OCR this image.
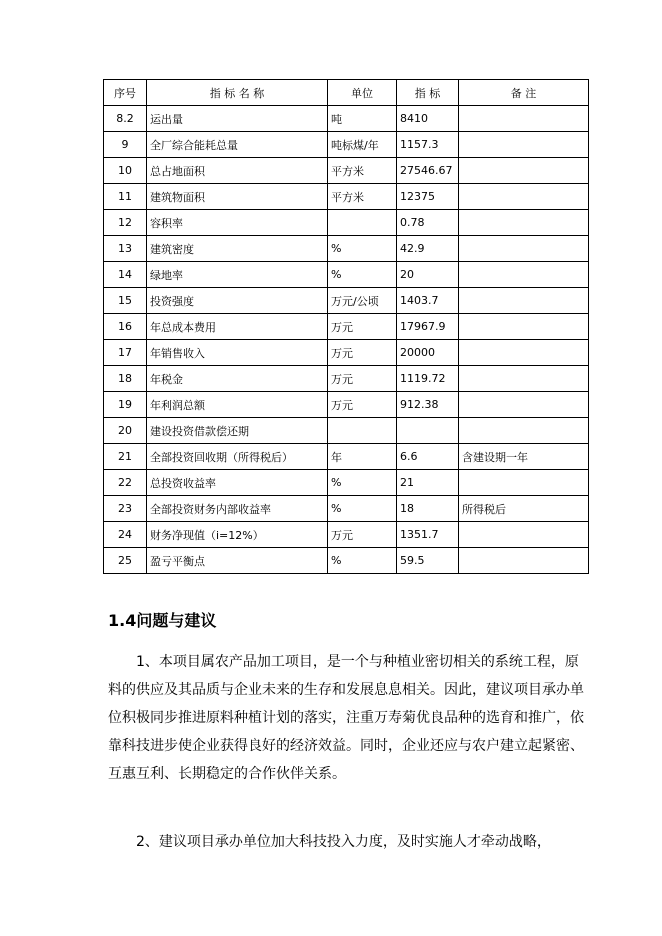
序号	指 标 名 称	单位	指 标	备 注
8.2	运出量	吨	8410	
9	全厂综合能耗总量	吨标煤/年	1157.3	
10	总占地面积	平方米	27546.67	
11	建筑物面积	平方米	12375	
12	容积率		0.78	
13	建筑密度	%	42.9	
14	绿地率	%	20	
15	投资强度	万元/公顷	1403.7	
16	年总成本费用	万元	17967.9	
17	年销售收入	万元	20000	
18	年税金	万元	1119.72	
19	年利润总额	万元	912.38	
20	建设投资借款偿还期			
21	全部投资回收期（所得税后）	年	6.6	含建设期一年
22	总投资收益率	%	21	
23	全部投资财务内部收益率	%	18	所得税后
24	财务净现值（i=12%）	万元	1351.7	
25	盈亏平衡点	%	59.5	
1.4问题与建议

1、本项目属农产品加工项目，是一个与种植业密切相关的系统工程，原料的供应及其品质与企业未来的生存和发展息息相关。因此，建议项目承办单位积极同步推进原料种植计划的落实，注重万寿菊优良品种的选育和推广，依靠科技进步使企业获得良好的经济效益。同时，企业还应与农户建立起紧密、互惠互利、长期稳定的合作伙伴关系。

2、建议项目承办单位加大科技投入力度，及时实施人才牵动战略，
